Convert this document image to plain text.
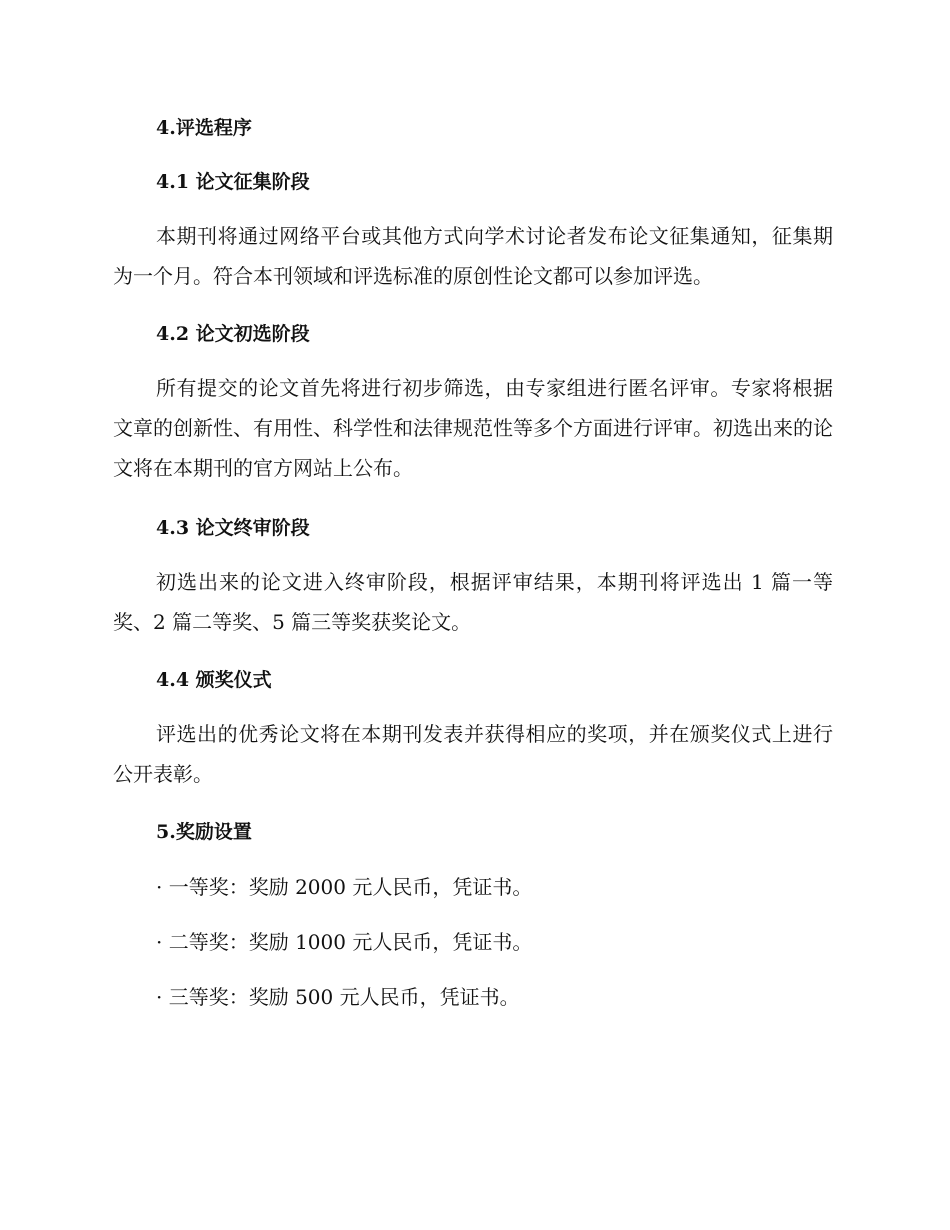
4.评选程序
4.1 论文征集阶段

本期刊将通过网络平台或其他方式向学术讨论者发布论文征集通知，征集期为一个月。符合本刊领域和评选标准的原创性论文都可以参加评选。

4.2 论文初选阶段

所有提交的论文首先将进行初步筛选，由专家组进行匿名评审。专家将根据文章的创新性、有用性、科学性和法律规范性等多个方面进行评审。初选出来的论文将在本期刊的官方网站上公布。

4.3 论文终审阶段

初选出来的论文进入终审阶段，根据评审结果，本期刊将评选出 1 篇一等奖、2 篇二等奖、5 篇三等奖获奖论文。

4.4 颁奖仪式

评选出的优秀论文将在本期刊发表并获得相应的奖项，并在颁奖仪式上进行公开表彰。

5.奖励设置
· 一等奖：奖励 2000 元人民币，凭证书。
· 二等奖：奖励 1000 元人民币，凭证书。
· 三等奖：奖励 500 元人民币，凭证书。
